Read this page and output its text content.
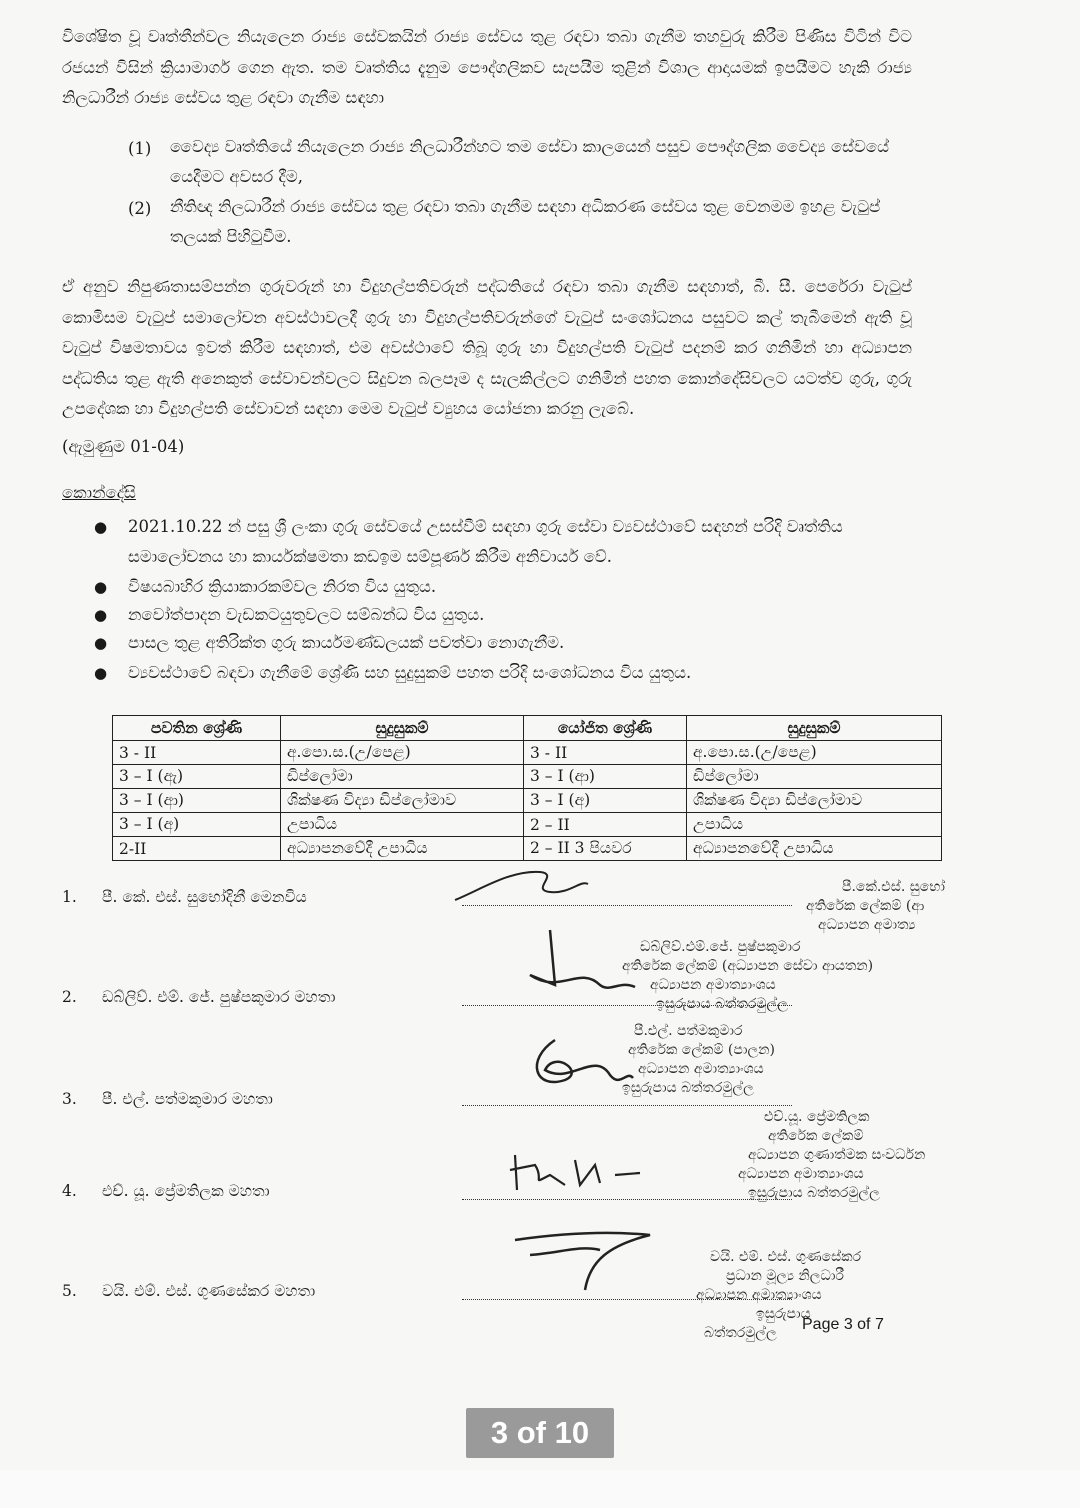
විශේෂිත වූ වෘත්තීන්වල නියැලෙන රාජ්‍ය සේවකයින් රාජ්‍ය සේවය තුළ රඳවා තබා ගැනීම තහවුරු කිරීම පිණිස විටින් විට රජයන් විසින් ක්‍රියාමාර්ග ගෙන ඇත. තම වෘත්තිය දැනුම පෞද්ගලිකව සැපයීම තුළින් විශාල ආදායමක් ඉපයීමට හැකි රාජ්‍ය නිලධාරීන් රාජ්‍ය සේවය තුළ රඳවා ගැනීම සඳහා
(1) වෛද්‍ය වෘත්තියේ නියැලෙන රාජ්‍ය නිලධාරීන්හට තම සේවා කාලයෙන් පසුව පෞද්ගලික වෛද්‍ය සේවයේ යෙදීමට අවසර දීම,
(2) නීතිඥ නිලධාරීන් රාජ්‍ය සේවය තුළ රඳවා තබා ගැනීම සඳහා අධිකරණ සේවය තුළ වෙනමම ඉහළ වැටුප් තලයක් පිහිටුවීම.
ඒ අනුව නිපුණතාසම්පන්න ගුරුවරුන් හා විදුහල්පතිවරුන් පද්ධතියේ රඳවා තබා ගැනීම සඳහාත්, බී. සී. පෙරේරා වැටුප් කොමිසම වැටුප් සමාලෝචන අවස්ථාවලදී ගුරු හා විදුහල්පතිවරුන්ගේ වැටුප් සංශෝධනය පසුවට කල් තැබීමෙන් ඇති වූ වැටුප් විෂමතාවය ඉවත් කිරීම සඳහාත්, එම අවස්ථාවේ තිබූ ගුරු හා විදුහල්පති වැටුප් පදනම් කර ගනිමින් හා අධ්‍යාපන පද්ධතිය තුළ ඇති අනෙකුත් සේවාවන්වලට සිදුවන බලපෑම ද සැලකිල්ලට ගනිමින් පහත කොන්දේසිවලට යටත්ව ගුරු, ගුරු උපදේශක හා විදුහල්පති සේවාවන් සඳහා මෙම වැටුප් ව්‍යුහය යෝජනා කරනු ලැබේ.
(ඇමුණුම 01-04)
කොන්දේසි
● 2021.10.22 න් පසු ශ්‍රී ලංකා ගුරු සේවයේ උසස්වීම් සඳහා ගුරු සේවා ව්‍යවස්ථාවේ සඳහන් පරිදි වෘත්තිය සමාලෝචනය හා කාර්යක්ෂමතා කඩඉම සම්පූර්ණ කිරීම අනිවාර්ය වේ.
● විෂයබාහිර ක්‍රියාකාරකම්වල නිරත විය යුතුය.
● නවෝත්පාදන වැඩකටයුතුවලට සම්බන්ධ විය යුතුය.
● පාසල තුළ අතිරික්ත ගුරු කාර්යමණ්ඩලයක් පවත්වා නොගැනීම.
● ව්‍යවස්ථාවේ බඳවා ගැනීමේ ශ්‍රේණි සහ සුදුසුකම් පහත පරිදි සංශෝධනය විය යුතුය.
පවතින ශ්‍රේණි	සුදුසුකම්	යෝජිත ශ්‍රේණි	සුදුසුකම්
3 - II	අ.පො.ස.(උ/පෙළ)	3 - II	අ.පො.ස.(උ/පෙළ)
3 – I (ඇ)	ඩිප්ලෝමා	3 – I (ආ)	ඩිප්ලෝමා
3 – I (ආ)	ශික්ෂණ විද්‍යා ඩිප්ලෝමාව	3 – I (අ)	ශික්ෂණ විද්‍යා ඩිප්ලෝමාව
3 – I (අ)	උපාධිය	2 – II	උපාධිය
2-II	අධ්‍යාපනවේදී උපාධිය	2 – II 3 පියවර	අධ්‍යාපනවේදී උපාධිය
1. පී. කේ. එස්. සුභෝදිනී මෙනවිය
2. ඩබ්ලිව්. එම්. ජේ. පුෂ්පකුමාර මහතා
3. පී. එල්. පත්මකුමාර මහතා
4. එච්. යූ. ප්‍රේමතිලක මහතා
5. වයි. එම්. එස්. ගුණසේකර මහතා
පී.කේ.එස්. සුභෝ
අතිරේක ලේකම් (ආ
අධ්‍යාපන අමාත්‍ය
ඩබ්ලිව්.එම්.ජේ. පුෂ්පකුමාර
අතිරේක ලේකම් (අධ්‍යාපන සේවා ආයතන)
අධ්‍යාපන අමාත්‍යාංශය
ඉසුරුපාය බත්තරමුල්ල
පී.එල්. පත්මකුමාර
අතිරේක ලේකම් (පාලන)
අධ්‍යාපන අමාත්‍යාංශය
ඉසුරුපාය බත්තරමුල්ල
එච්.යූ. ප්‍රේමතිලක
අතිරේක ලේකම්
අධ්‍යාපන ගුණාත්මක සංවර්ධන
අධ්‍යාපන අමාත්‍යාංශය
ඉසුරුපාය බත්තරමුල්ල
වයි. එම්. එස්. ගුණසේකර
ප්‍රධාන මූල්‍ය නිලධාරී
අධ්‍යාපන අමාත්‍යාංශය
ඉසුරුපාය
බත්තරමුල්ල	Page 3 of 7
3 of 10
